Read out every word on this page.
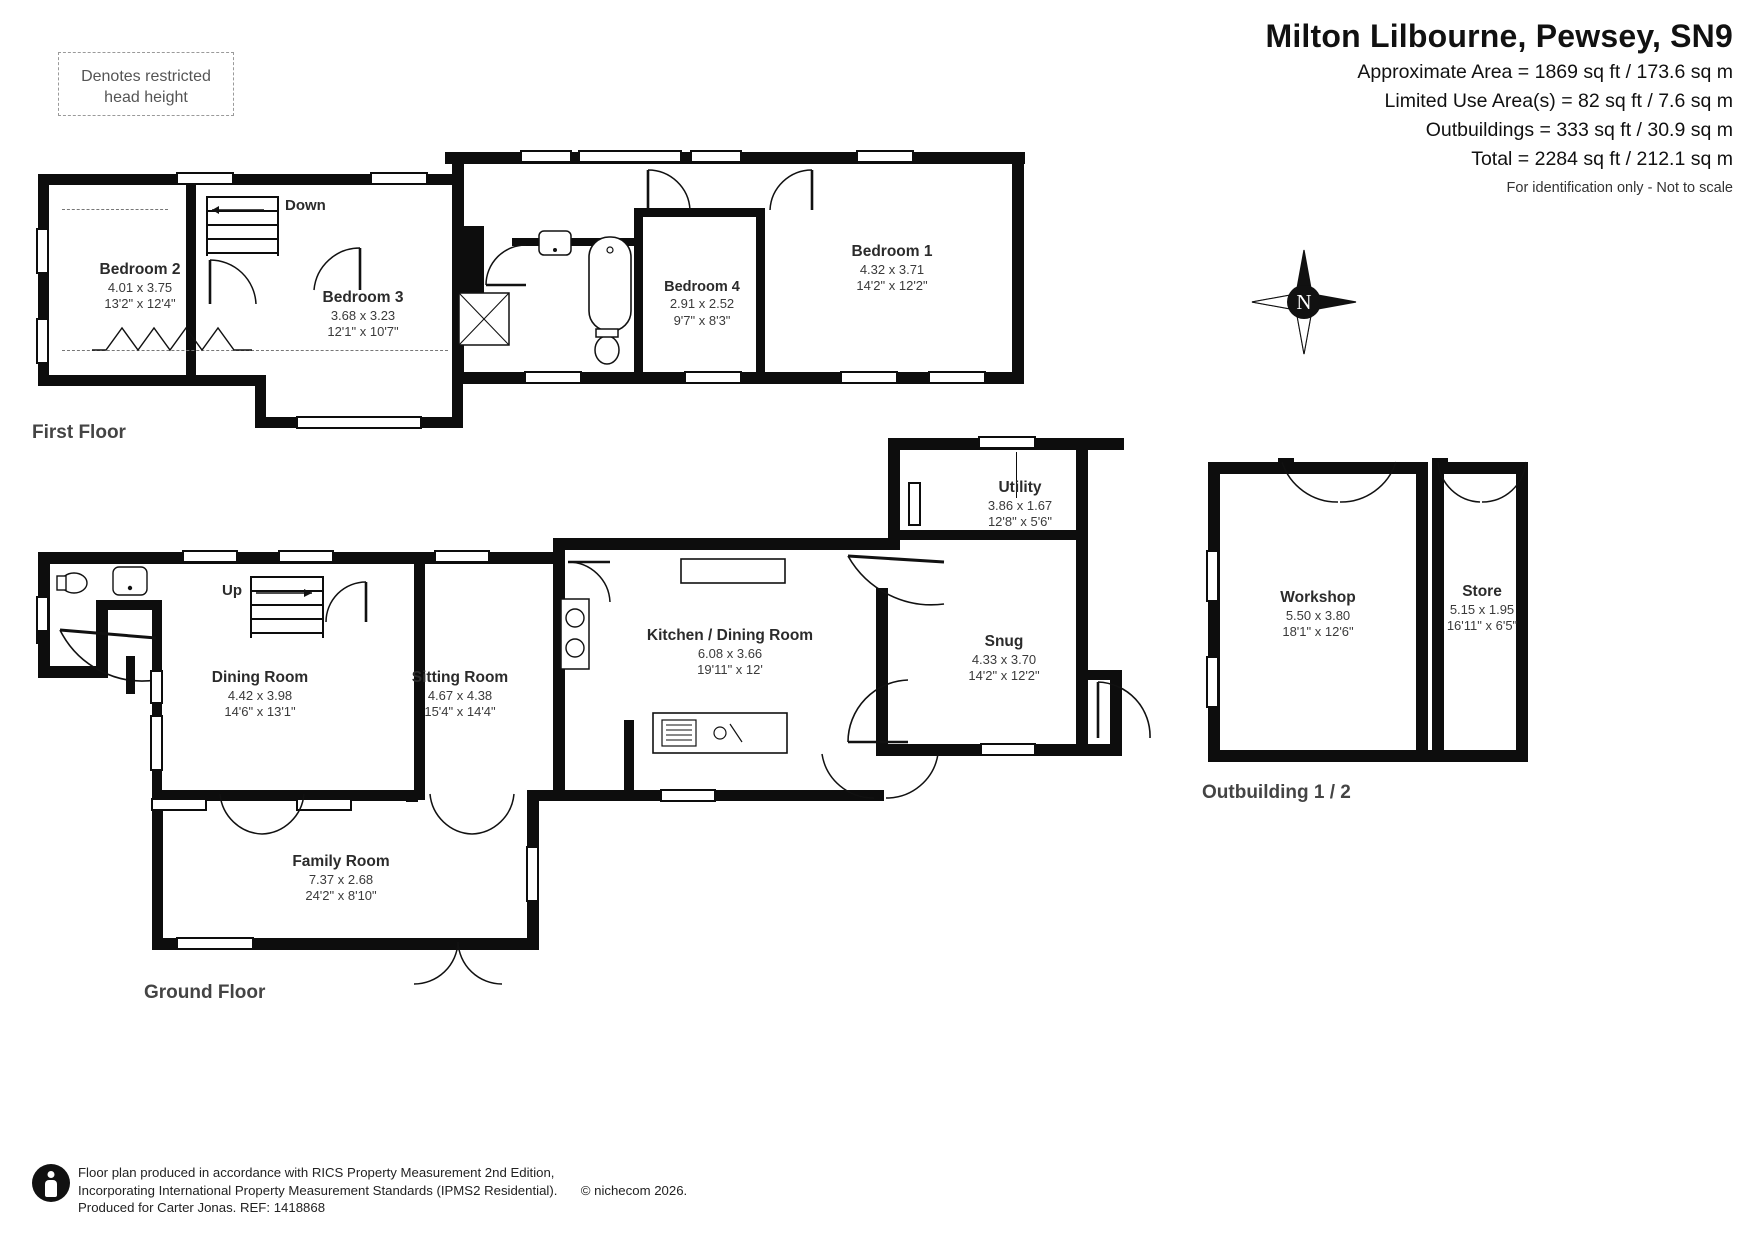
Milton Lilbourne, Pewsey, SN9
Approximate Area = 1869 sq ft / 173.6 sq m
Limited Use Area(s) = 82 sq ft / 7.6 sq m
Outbuildings = 333 sq ft / 30.9 sq m
Total = 2284 sq ft / 212.1 sq m
For identification only - Not to scale
Denotes restricted
head height
N
Down
Bedroom 2
4.01 x 3.75
13'2" x 12'4"	Bedroom 3
3.68 x 3.23
12'1" x 10'7"
Bedroom 4
2.91 x 2.52
9'7" x 8'3"
Bedroom 1
4.32 x 3.71
14'2" x 12'2"
First Floor
Up
Dining Room
4.42 x 3.98
14'6" x 13'1"
Sitting Room
4.67 x 4.38
15'4" x 14'4"
Kitchen / Dining Room
6.08 x 3.66
19'11" x 12'
Utility
3.86 x 1.67
12'8" x 5'6"
Snug
4.33 x 3.70
14'2" x 12'2"
Family Room
7.37 x 2.68
24'2" x 8'10"
Ground Floor
Workshop
5.50 x 3.80
18'1" x 12'6"
Store
5.15 x 1.95
16'11" x 6'5"
Outbuilding 1 / 2
Floor plan produced in accordance with RICS Property Measurement 2nd Edition,
Incorporating International Property Measurement Standards (IPMS2 Residential). © nichecom 2026.
Produced for Carter Jonas. REF: 1418868
